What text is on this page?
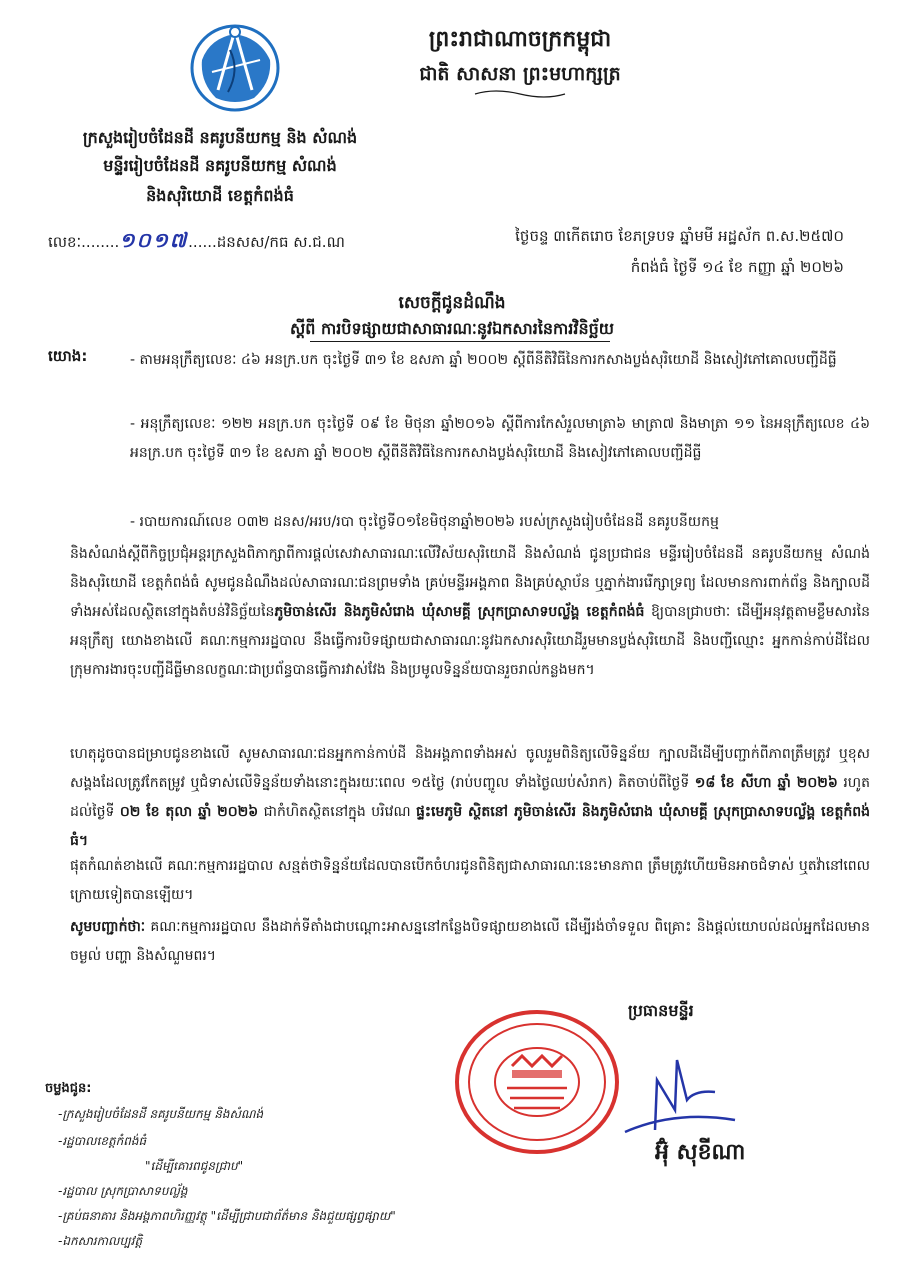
ព្រះរាជាណាចក្រកម្ពុជា
ជាតិ សាសនា ព្រះមហាក្សត្រ
ក្រសួងរៀបចំដែនដី នគរូបនីយកម្ម និង សំណង់
មន្ទីររៀបចំដែនដី នគរូបនីយកម្ម សំណង់
និងសុរិយោដី ខេត្តកំពង់ធំ
លេខៈ........១០១៧......ដនសស/កធ ស.ជ.ណ	ថ្ងៃចន្ទ ៣កើតរោច ខែភទ្របទ ឆ្នាំមមី អដ្ឋស័ក ព.ស.២៥៧០
កំពង់ធំ ថ្ងៃទី ១៤ ខែ កញ្ញា ឆ្នាំ ២០២៦
សេចក្តីជូនដំណឹង
ស្តីពី ការបិទផ្សាយជាសាធារណៈនូវឯកសារនៃការវិនិច្ឆ័យ
យោង:	- តាមអនុក្រឹត្យលេខៈ ៤៦ អនក្រ.បក ចុះថ្ងៃទី ៣១ ខែ ឧសភា ឆ្នាំ ២០០២ ស្តីពីនីតិវិធីនៃការកសាងប្លង់សុរិយោដី និងសៀវភៅគោលបញ្ជីដីធ្លី
- អនុក្រឹត្យលេខៈ ១២២ អនក្រ.បក ចុះថ្ងៃទី ០៩ ខែ មិថុនា ឆ្នាំ២០១៦ ស្តីពីការកែសំរួលមាត្រា៦ មាត្រា៧ និងមាត្រា ១១ នៃអនុក្រឹត្យលេខ ៤៦ អនក្រ.បក ចុះថ្ងៃទី ៣១ ខែ ឧសភា ឆ្នាំ ២០០២ ស្តីពីនីតិវិធីនៃការកសាងប្លង់សុរិយោដី និងសៀវភៅគោលបញ្ជីដីធ្លី
- របាយការណ៍លេខ ០៣២ ដនស/អរប/របា ចុះថ្ងៃទី០១ខែមិថុនាឆ្នាំ២០២៦ របស់ក្រសួងរៀបចំដែនដី នគរូបនីយកម្ម
និងសំណង់ស្តីពីកិច្ចប្រជុំអន្តរក្រសួងពិភាក្សាពីការផ្តល់សេវាសាធារណៈលើវិស័យសុរិយោដី និងសំណង់ ជូនប្រជាជន មន្ទីររៀបចំដែនដី នគរូបនីយកម្ម សំណង់ និងសុរិយោដី ខេត្តកំពង់ធំ សូមជូនដំណឹងដល់សាធារណៈជនព្រមទាំង គ្រប់មន្ទីរអង្គភាព និងគ្រប់ស្ថាប័ន ឬភ្នាក់ងាររើក្សាទ្រព្យ ដែលមានការពាក់ព័ន្ធ និងក្បាលដីទាំងអស់ដែលស្ថិតនៅក្នុងតំបន់វិនិច្ឆ័យនៃភូមិចាន់សើរ និងភូមិសំរោង ឃុំសាមគ្គី ស្រុកប្រាសាទបល្ល័ង្គ ខេត្តកំពង់ធំ ឱ្យបានជ្រាបថាៈ ដើម្បីអនុវត្តតាមខ្លឹមសារនៃអនុក្រឹត្យ យោងខាងលើ គណៈកម្មការរដ្ឋបាល នឹងធ្វើការបិទផ្សាយជាសាធារណៈនូវឯកសារសុរិយោដីរួមមានប្លង់សុរិយោដី និងបញ្ជីឈ្មោះ អ្នកកាន់កាប់ដីដែលក្រុមការងារចុះបញ្ជីដីធ្លីមានលក្ខណៈជាប្រព័ន្ធបានធ្វើការវាស់វែង និងប្រមូលទិន្នន័យបានរួចរាល់កន្លងមក។
ហេតុដូចបានជម្រាបជូនខាងលើ សូមសាធារណៈជនអ្នកកាន់កាប់ដី និងអង្គភាពទាំងអស់ ចូលរួមពិនិត្យលើទិន្នន័យ ក្បាលដីដើម្បីបញ្ជាក់ពីភាពត្រឹមត្រូវ ឬខុសសង្គងដែលត្រូវកែតម្រូវ ឬជំទាស់លើទិន្នន័យទាំងនោះក្នុងរយៈពេល ១៥ថ្ងៃ (រាប់បញ្ចូល ទាំងថ្ងៃឈប់សំរាក) គិតចាប់ពីថ្ងៃទី ១៨ ខែ សីហា ឆ្នាំ ២០២៦ រហូតដល់ថ្ងៃទី ០២ ខែ តុលា ឆ្នាំ ២០២៦ ជាកំហិតស្ថិតនៅក្នុង បរិវេណ ផ្ទះមេភូមិ ស្ថិតនៅ ភូមិចាន់សើរ និងភូមិសំរោង ឃុំសាមគ្គី ស្រុកប្រាសាទបល្ល័ង្គ ខេត្តកំពង់ធំ។
ផុតកំណត់ខាងលើ គណៈកម្មការរដ្ឋបាល សន្មត់ថាទិន្នន័យដែលបានបើកចំហរជូនពិនិត្យជាសាធារណៈនេះមានភាព ត្រឹមត្រូវហើយមិនអាចជំទាស់ ឬតវ៉ានៅពេលក្រោយទៀតបានឡើយ។
សូមបញ្ជាក់ថាៈ គណៈកម្មការរដ្ឋបាល នឹងដាក់ទីតាំងជាបណ្តោះអាសន្ននៅកន្លែងបិទផ្សាយខាងលើ ដើម្បីរង់ចាំទទួល ពិគ្រោះ និងផ្តល់យោបល់ដល់អ្នកដែលមានចម្ងល់ បញ្ហា និងសំណួមពរ។
ប្រធានមន្ទីរ
អ៊ុំ សុខីណា
ចម្លងជូន:
-ក្រសួងរៀបចំដែនដី នគរូបនីយកម្ម និងសំណង់
-រដ្ឋបាលខេត្តកំពង់ធំ
"ដើម្បីគោរពជូនជ្រាប"
-រដ្ឋបាល ស្រុកប្រាសាទបល្ល័ង្គ
-គ្រប់ធនាគារ និងអង្គភាពហិរញ្ញវត្ថុ "ដើម្បីជ្រាបជាព័ត៌មាន និងជួយផ្សព្វផ្សាយ"
-ឯកសារកាលប្បវត្តិ
